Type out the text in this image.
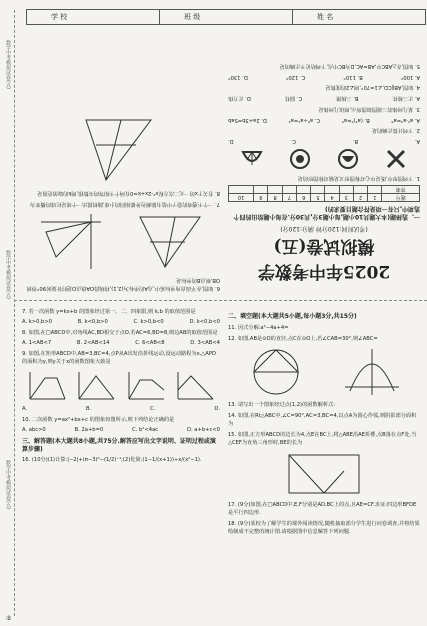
学 校	班 级	姓 名
数学中考模拟试卷(五)
数学中考模拟试卷(五)
数学中考模拟试卷(五)
2025年中考数学
模拟试卷(五)
(考试时间:120分钟 满分:120分)
一、选择题(本大题共10小题,每小题3分,共30分.在每小题给出的四个选项中,只有一项是符合题目要求的)
题号	1	2	3	4	5	6	7	8	9	10
答案										
1. 下列图形中,既是中心对称图形又是轴对称图形的是
A.
B.
C.
D.
2. 下列计算正确的是
A. a²·a³=a⁶
B. (a³)²=a⁵
C. a⁶÷a²=a⁴
D. 2a+3b=5ab
3. 某几何体的三视图如图所示,则该几何体是
A. 正三棱柱
B. 三棱锥
C. 圆柱
D. 正方体
4. 如图,AB∥CD,∠1=70°,则∠2的度数是
A. 100°
B. 110°
C. 120°
D. 130°
5. 如图,在△ABC中,AB=AC,D为BC中点,下列结论不正确的是
6. 如图,在平面直角坐标系中,点A的坐标为(2,1),将线段OA绕点O逆时针旋转90°得到OB,则点B的坐标是
7. 一个不透明的袋子中装有除颜色外都相同的小球,随机摸出一个球是红球的概率为
8. 若关于x的一元二次方程x²-2x+k=0有两个不相等的实数根,则k的取值范围是
7. 若一次函数 y=kx+b 的图象经过第一、二、四象限,则 k,b 的取值范围是
A. k>0,b>0	B. k<0,b>0	C. k>0,b<0	D. k<0,b<0
8. 如图,在□ABCD中,对角线AC,BD相交于点O,若AC=6,BD=8,则边AB的取值范围是
A. 1<AB<7	B. 2<AB<14	C. 6<AB<8	D. 3<AB<4
9. 如图,在矩形ABCD中,AB=3,BC=4,点P从A出发沿折线运动,设运动路程为x,△APD的面积为y,则y关于x的函数图象大致是
A.	B.	C.	D.
10. 二次函数 y=ax²+bx+c 的图象如图所示,则下列结论正确的是
A. abc>0	B. 2a+b=0	C. b²<4ac	D. a+b+c<0
三、解答题(本大题共8小题,共75分.解答应写出文字说明、证明过程或演算步骤)
16. (10分)(1)计算:|−2|+(π−3)⁰−(1/2)⁻¹;(2)化简:(1−1/(x+1))÷x/(x²−1).
二、填空题(本大题共5小题,每小题3分,共15分)
11. 因式分解:a²−4a+4=
12. 如图,AB是⊙O的直径,点C在⊙O上,若∠CAB=30°,则∠ABC=
13. 请写出一个图象经过点(1,2)的函数解析式:
14. 如图,在Rt△ABC中,∠C=90°,AC=3,BC=4,以点A为圆心作弧,则阴影部分面积为
15. 如图,正方形ABCD的边长为4,点E在BC上,将△ABE沿AE折叠,点B落在点F处,当△CEF为直角三角形时,BE的长为
17. (9分)如图,在□ABCD中,E,F分别是AD,BC上的点,且AE=CF.求证:四边形BFDE是平行四边形.
18. (9分)某校为了解学生的课外阅读情况,随机抽取部分学生进行问卷调查,并将结果绘制成不完整的统计图.请根据图中信息解答下列问题.
⑤
